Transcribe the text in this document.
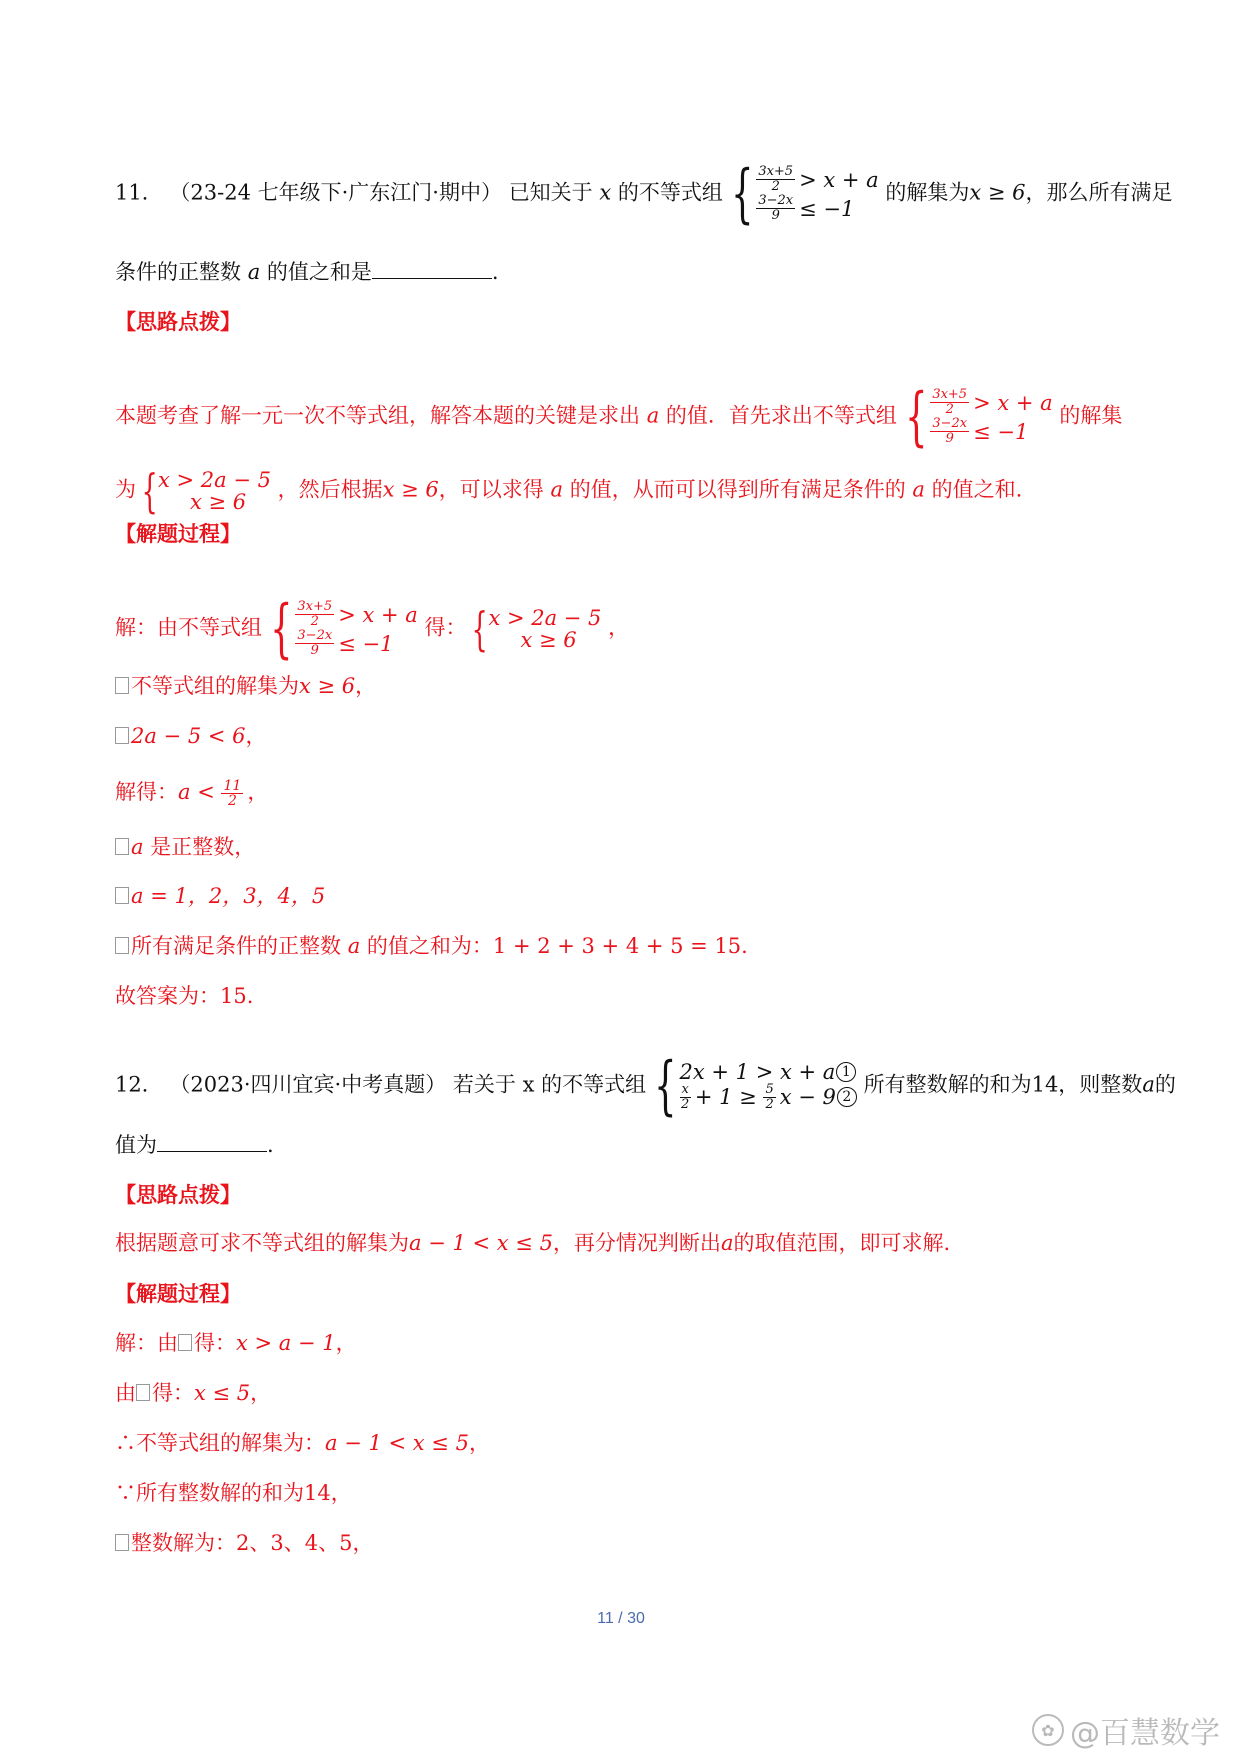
11． （23-24 七年级下·广东江门·期中） 已知关于 x 的不等式组 { $\frac{3x+5}{2} > x + a$
$\frac{3-2x}{9} \le -1$
的解集为x ≥ 6，那么所有满足
条件的正整数 a 的值之和是	.
【思路点拨】
本题考查了解一元一次不等式组，解答本题的关键是求出 a 的值．首先求出不等式组 { $\frac{3x+5}{2} > x + a$
$\frac{3-2x}{9} \le -1$
的解集
为 { x > 2a − 5
x ≥ 6
，然后根据x ≥ 6，可以求得 a 的值，从而可以得到所有满足条件的 a 的值之和.
【解题过程】
解：由不等式组 { $\frac{3x+5}{2} > x + a$
$\frac{3-2x}{9} \le -1$
得： { x > 2a − 5
x ≥ 6
，
不等式组的解集为x ≥ 6，
2a − 5 < 6，
解得：$a < \frac{11}{2}$ ，
a 是正整数，
a = 1，2，3，4，5
所有满足条件的正整数 a 的值之和为：1 + 2 + 3 + 4 + 5 = 15.
故答案为：15.
12． （2023·四川宜宾·中考真题） 若关于 x 的不等式组 { 2x + 1 > x + a 1
$\frac{x}{2} + 1$ ≥
$\frac{5}{2}$ x − 9 2
所有整数解的和为14，则整数a的
值为	.
【思路点拨】
根据题意可求不等式组的解集为a − 1 < x ≤ 5，再分情况判断出a的取值范围，即可求解.
【解题过程】
解：由 得：x > a − 1，
由 得：x ≤ 5，
∴不等式组的解集为：a − 1 < x ≤ 5，
∵所有整数解的和为14，
整数解为：2、3、4、5，
11 / 30
✿ @百慧数学
